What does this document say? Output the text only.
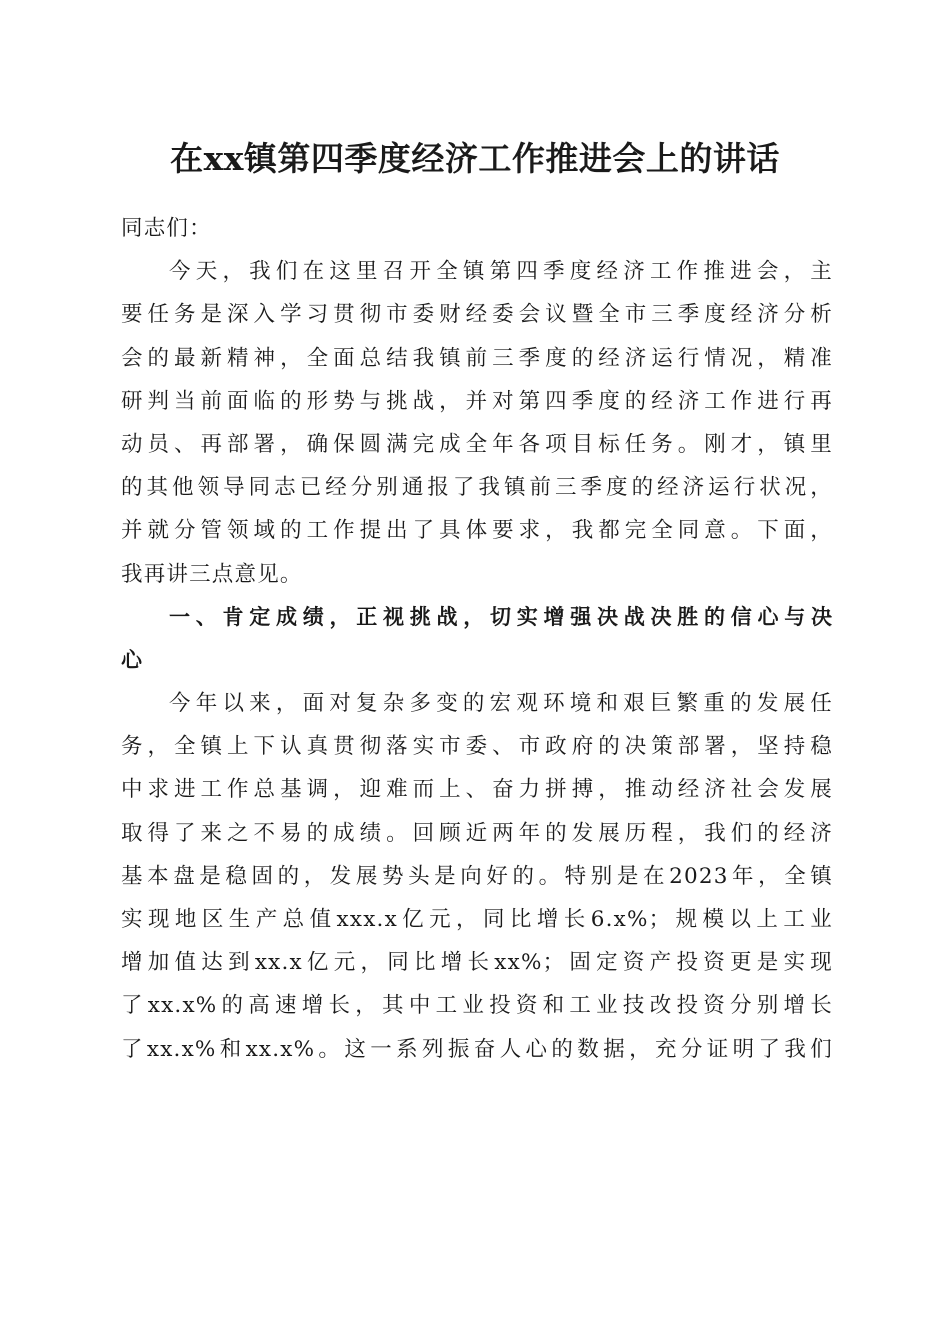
在xx镇第四季度经济工作推进会上的讲话
同志们：
今天，我们在这里召开全镇第四季度经济工作推进会，主
要任务是深入学习贯彻市委财经委会议暨全市三季度经济分析
会的最新精神，全面总结我镇前三季度的经济运行情况，精准
研判当前面临的形势与挑战，并对第四季度的经济工作进行再
动员、再部署，确保圆满完成全年各项目标任务。刚才，镇里
的其他领导同志已经分别通报了我镇前三季度的经济运行状况，
并就分管领域的工作提出了具体要求，我都完全同意。下面，
我再讲三点意见。
一、肯定成绩，正视挑战，切实增强决战决胜的信心与决
心
今年以来，面对复杂多变的宏观环境和艰巨繁重的发展任
务，全镇上下认真贯彻落实市委、市政府的决策部署，坚持稳
中求进工作总基调，迎难而上、奋力拼搏，推动经济社会发展
取得了来之不易的成绩。回顾近两年的发展历程，我们的经济
基本盘是稳固的，发展势头是向好的。特别是在2023年，全镇
实现地区生产总值xxx.x亿元，同比增长6.x%；规模以上工业
增加值达到xx.x亿元，同比增长xx%；固定资产投资更是实现
了xx.x%的高速增长，其中工业投资和工业技改投资分别增长
了xx.x%和xx.x%。这一系列振奋人心的数据，充分证明了我们
